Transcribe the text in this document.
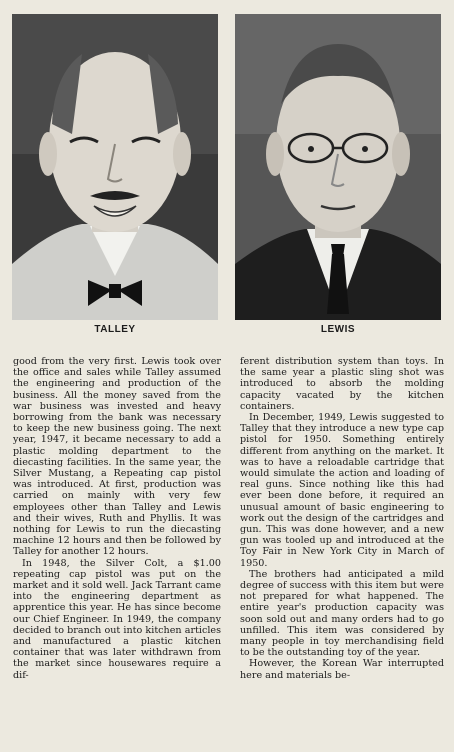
TALLEY	LEWIS

good from the very first. Lewis took over the office and sales while Talley assumed the engineering and production of the business. All the money saved from the war business was invested and heavy borrowing from the bank was necessary to keep the new business going. The next year, 1947, it became necessary to add a plastic molding department to the diecasting facilities. In the same year, the Silver Mustang, a Repeating cap pistol was introduced. At first, production was carried on mainly with very few employees other than Talley and Lewis and their wives, Ruth and Phyllis. It was nothing for Lewis to run the diecasting machine 12 hours and then be followed by Talley for another 12 hours.

In 1948, the Silver Colt, a $1.00 repeating cap pistol was put on the market and it sold well. Jack Tarrant came into the engineering department as apprentice this year. He has since become our Chief Engineer. In 1949, the company decided to branch out into kitchen articles and manufactured a plastic kitchen container that was later withdrawn from the market since housewares require a dif-

ferent distribution system than toys. In the same year a plastic sling shot was introduced to absorb the molding capacity vacated by the kitchen containers.

In December, 1949, Lewis suggested to Talley that they introduce a new type cap pistol for 1950. Something entirely different from anything on the market. It was to have a reloadable cartridge that would simulate the action and loading of real guns. Since nothing like this had ever been done before, it required an unusual amount of basic engineering to work out the design of the cartridges and gun. This was done however, and a new gun was tooled up and introduced at the Toy Fair in New York City in March of 1950.

The brothers had anticipated a mild degree of success with this item but were not prepared for what happened. The entire year's production capacity was soon sold out and many orders had to go unfilled. This item was considered by many people in toy merchandising field to be the outstanding toy of the year.

However, the Korean War interrupted here and materials be-
